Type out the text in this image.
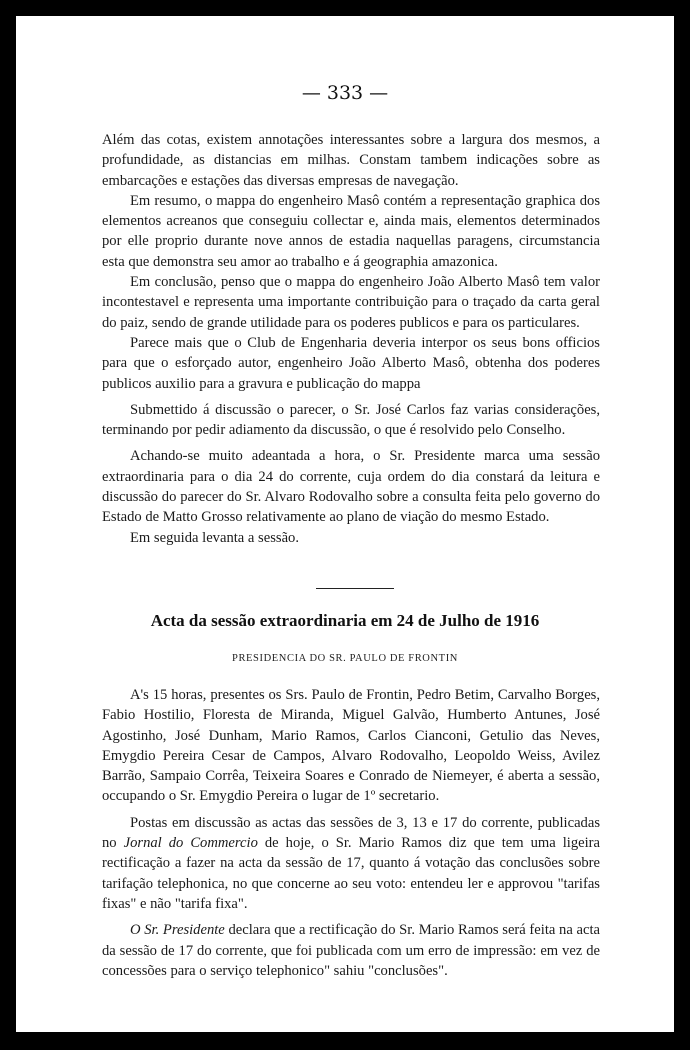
— 333 —

Além das cotas, existem annotações interessantes sobre a largura dos mesmos, a profundidade, as distancias em milhas. Constam tambem indicações sobre as embarcações e estações das diversas empresas de navegação.

Em resumo, o mappa do engenheiro Masô contém a representação graphica dos elementos acreanos que conseguiu collectar e, ainda mais, elementos determinados por elle proprio durante nove annos de estadia naquellas paragens, circumstancia esta que demonstra seu amor ao trabalho e á geographia amazonica.

Em conclusão, penso que o mappa do engenheiro João Alberto Masô tem valor incontestavel e representa uma importante contribuição para o traçado da carta geral do paiz, sendo de grande utilidade para os poderes publicos e para os particulares.

Parece mais que o Club de Engenharia deveria interpor os seus bons officios para que o esforçado autor, engenheiro João Alberto Masô, obtenha dos poderes publicos auxilio para a gravura e publicação do mappa

Submettido á discussão o parecer, o Sr. José Carlos faz varias considerações, terminando por pedir adiamento da discussão, o que é resolvido pelo Conselho.

Achando-se muito adeantada a hora, o Sr. Presidente marca uma sessão extraordinaria para o dia 24 do corrente, cuja ordem do dia constará da leitura e discussão do parecer do Sr. Alvaro Rodovalho sobre a consulta feita pelo governo do Estado de Matto Grosso relativamente ao plano de viação do mesmo Estado.

Em seguida levanta a sessão.

Acta da sessão extraordinaria em 24 de Julho de 1916
PRESIDENCIA DO SR. PAULO DE FRONTIN

A's 15 horas, presentes os Srs. Paulo de Frontin, Pedro Betim, Carvalho Borges, Fabio Hostilio, Floresta de Miranda, Miguel Galvão, Humberto Antunes, José Agostinho, José Dunham, Mario Ramos, Carlos Cianconi, Getulio das Neves, Emygdio Pereira Cesar de Campos, Alvaro Rodovalho, Leopoldo Weiss, Avilez Barrão, Sampaio Corrêa, Teixeira Soares e Conrado de Niemeyer, é aberta a sessão, occupando o Sr. Emygdio Pereira o lugar de 1º secretario.

Postas em discussão as actas das sessões de 3, 13 e 17 do corrente, publicadas no Jornal do Commercio de hoje, o Sr. Mario Ramos diz que tem uma ligeira rectificação a fazer na acta da sessão de 17, quanto á votação das conclusões sobre tarifação telephonica, no que concerne ao seu voto: entendeu ler e approvou "tarifas fixas" e não "tarifa fixa".

O Sr. Presidente declara que a rectificação do Sr. Mario Ramos será feita na acta da sessão de 17 do corrente, que foi publicada com um erro de impressão: em vez de concessões para o serviço telephonico" sahiu "conclusões".
